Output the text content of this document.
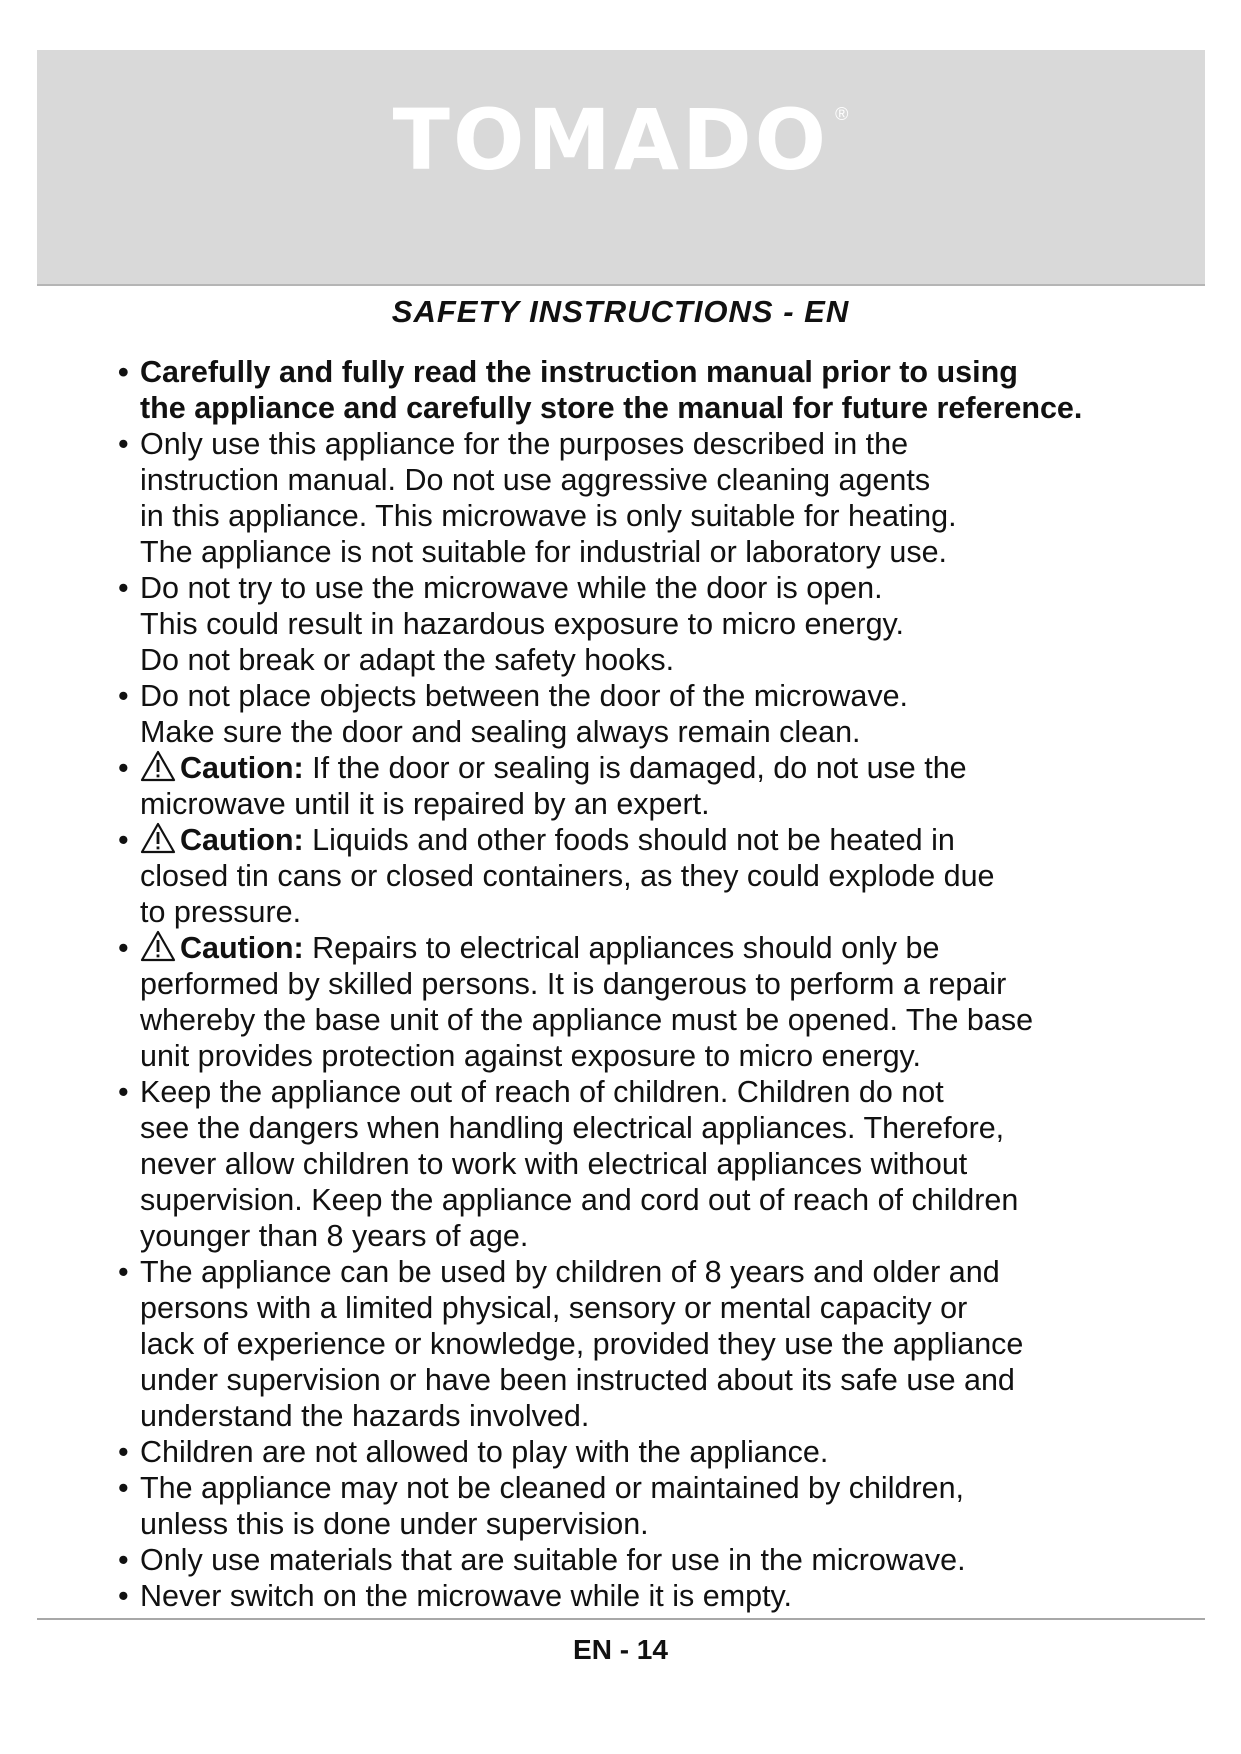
TOMADO ®
SAFETY INSTRUCTIONS - EN
• Carefully and fully read the instruction manual prior to using
the appliance and carefully store the manual for future reference.
• Only use this appliance for the purposes described in the
instruction manual. Do not use aggressive cleaning agents
in this appliance. This microwave is only suitable for heating.
The appliance is not suitable for industrial or laboratory use.
• Do not try to use the microwave while the door is open.
This could result in hazardous exposure to micro energy.
Do not break or adapt the safety hooks.
• Do not place objects between the door of the microwave.
Make sure the door and sealing always remain clean.
• Caution: If the door or sealing is damaged, do not use the
microwave until it is repaired by an expert.
• Caution: Liquids and other foods should not be heated in
closed tin cans or closed containers, as they could explode due
to pressure.
• Caution: Repairs to electrical appliances should only be
performed by skilled persons. It is dangerous to perform a repair
whereby the base unit of the appliance must be opened. The base
unit provides protection against exposure to micro energy.
• Keep the appliance out of reach of children. Children do not
see the dangers when handling electrical appliances. Therefore,
never allow children to work with electrical appliances without
supervision. Keep the appliance and cord out of reach of children
younger than 8 years of age.
• The appliance can be used by children of 8 years and older and
persons with a limited physical, sensory or mental capacity or
lack of experience or knowledge, provided they use the appliance
under supervision or have been instructed about its safe use and
understand the hazards involved.
• Children are not allowed to play with the appliance.
• The appliance may not be cleaned or maintained by children,
unless this is done under supervision.
• Only use materials that are suitable for use in the microwave.
• Never switch on the microwave while it is empty.
EN - 14
